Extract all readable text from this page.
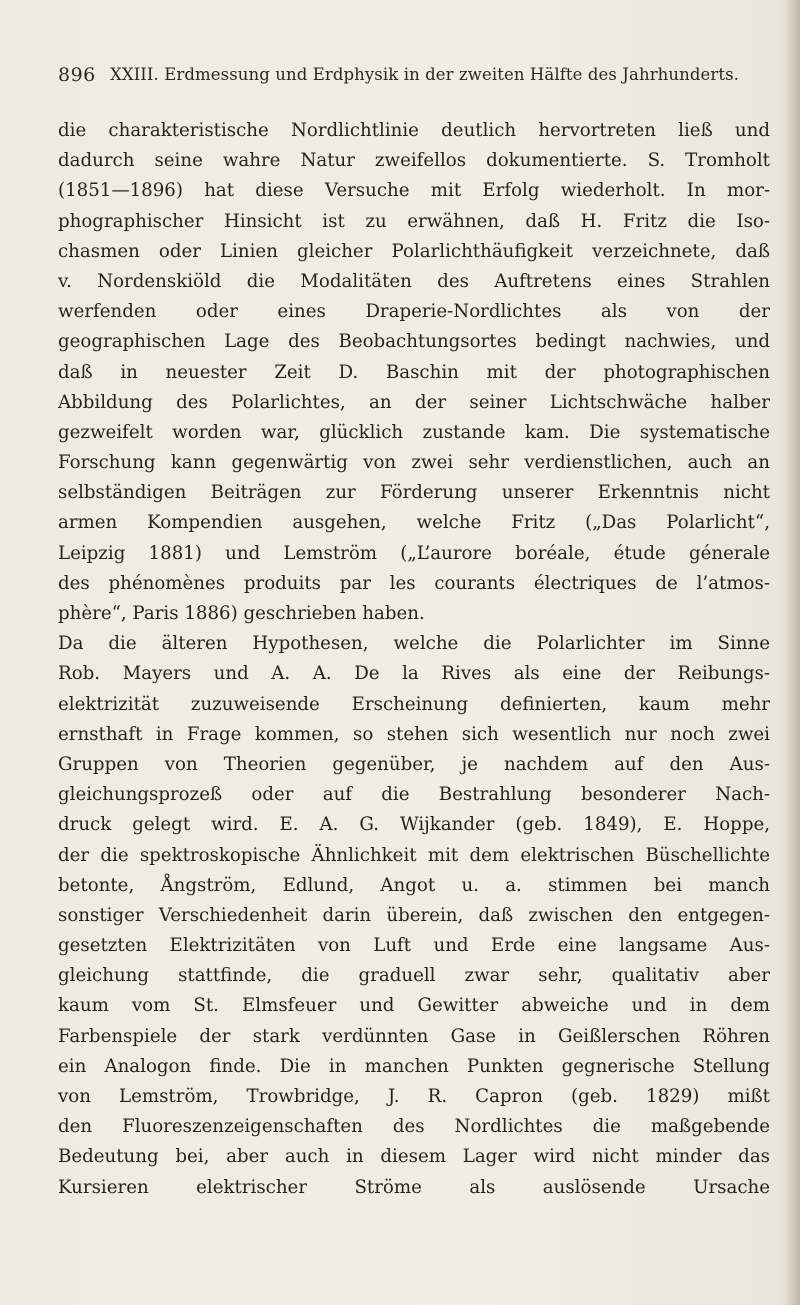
896 XXIII. Erdmessung und Erdphysik in der zweiten Hälfte des Jahrhunderts.
die charakteristische Nordlichtlinie deutlich hervortreten ließ und
dadurch seine wahre Natur zweifellos dokumentierte. S. Tromholt
(1851—1896) hat diese Versuche mit Erfolg wiederholt. In mor-
phographischer Hinsicht ist zu erwähnen, daß H. Fritz die Iso-
chasmen oder Linien gleicher Polarlichthäufigkeit verzeichnete, daß
v. Nordenskiöld die Modalitäten des Auftretens eines Strahlen
werfenden oder eines Draperie-Nordlichtes als von der
geographischen Lage des Beobachtungsortes bedingt nachwies, und
daß in neuester Zeit D. Baschin mit der photographischen
Abbildung des Polarlichtes, an der seiner Lichtschwäche halber
gezweifelt worden war, glücklich zustande kam. Die systematische
Forschung kann gegenwärtig von zwei sehr verdienstlichen, auch an
selbständigen Beiträgen zur Förderung unserer Erkenntnis nicht
armen Kompendien ausgehen, welche Fritz („Das Polarlicht“,
Leipzig 1881) und Lemström („L’aurore boréale, étude génerale
des phénomènes produits par les courants électriques de l’atmos-
phère“, Paris 1886) geschrieben haben.
Da die älteren Hypothesen, welche die Polarlichter im Sinne
Rob. Mayers und A. A. De la Rives als eine der Reibungs-
elektrizität zuzuweisende Erscheinung definierten, kaum mehr
ernsthaft in Frage kommen, so stehen sich wesentlich nur noch zwei
Gruppen von Theorien gegenüber, je nachdem auf den Aus-
gleichungsprozeß oder auf die Bestrahlung besonderer Nach-
druck gelegt wird. E. A. G. Wijkander (geb. 1849), E. Hoppe,
der die spektroskopische Ähnlichkeit mit dem elektrischen Büschellichte
betonte, Ångström, Edlund, Angot u. a. stimmen bei manch
sonstiger Verschiedenheit darin überein, daß zwischen den entgegen-
gesetzten Elektrizitäten von Luft und Erde eine langsame Aus-
gleichung stattfinde, die graduell zwar sehr, qualitativ aber
kaum vom St. Elmsfeuer und Gewitter abweiche und in dem
Farbenspiele der stark verdünnten Gase in Geißlerschen Röhren
ein Analogon finde. Die in manchen Punkten gegnerische Stellung
von Lemström, Trowbridge, J. R. Capron (geb. 1829) mißt
den Fluoreszenzeigenschaften des Nordlichtes die maßgebende
Bedeutung bei, aber auch in diesem Lager wird nicht minder das
Kursieren elektrischer Ströme als auslösende Ursache
